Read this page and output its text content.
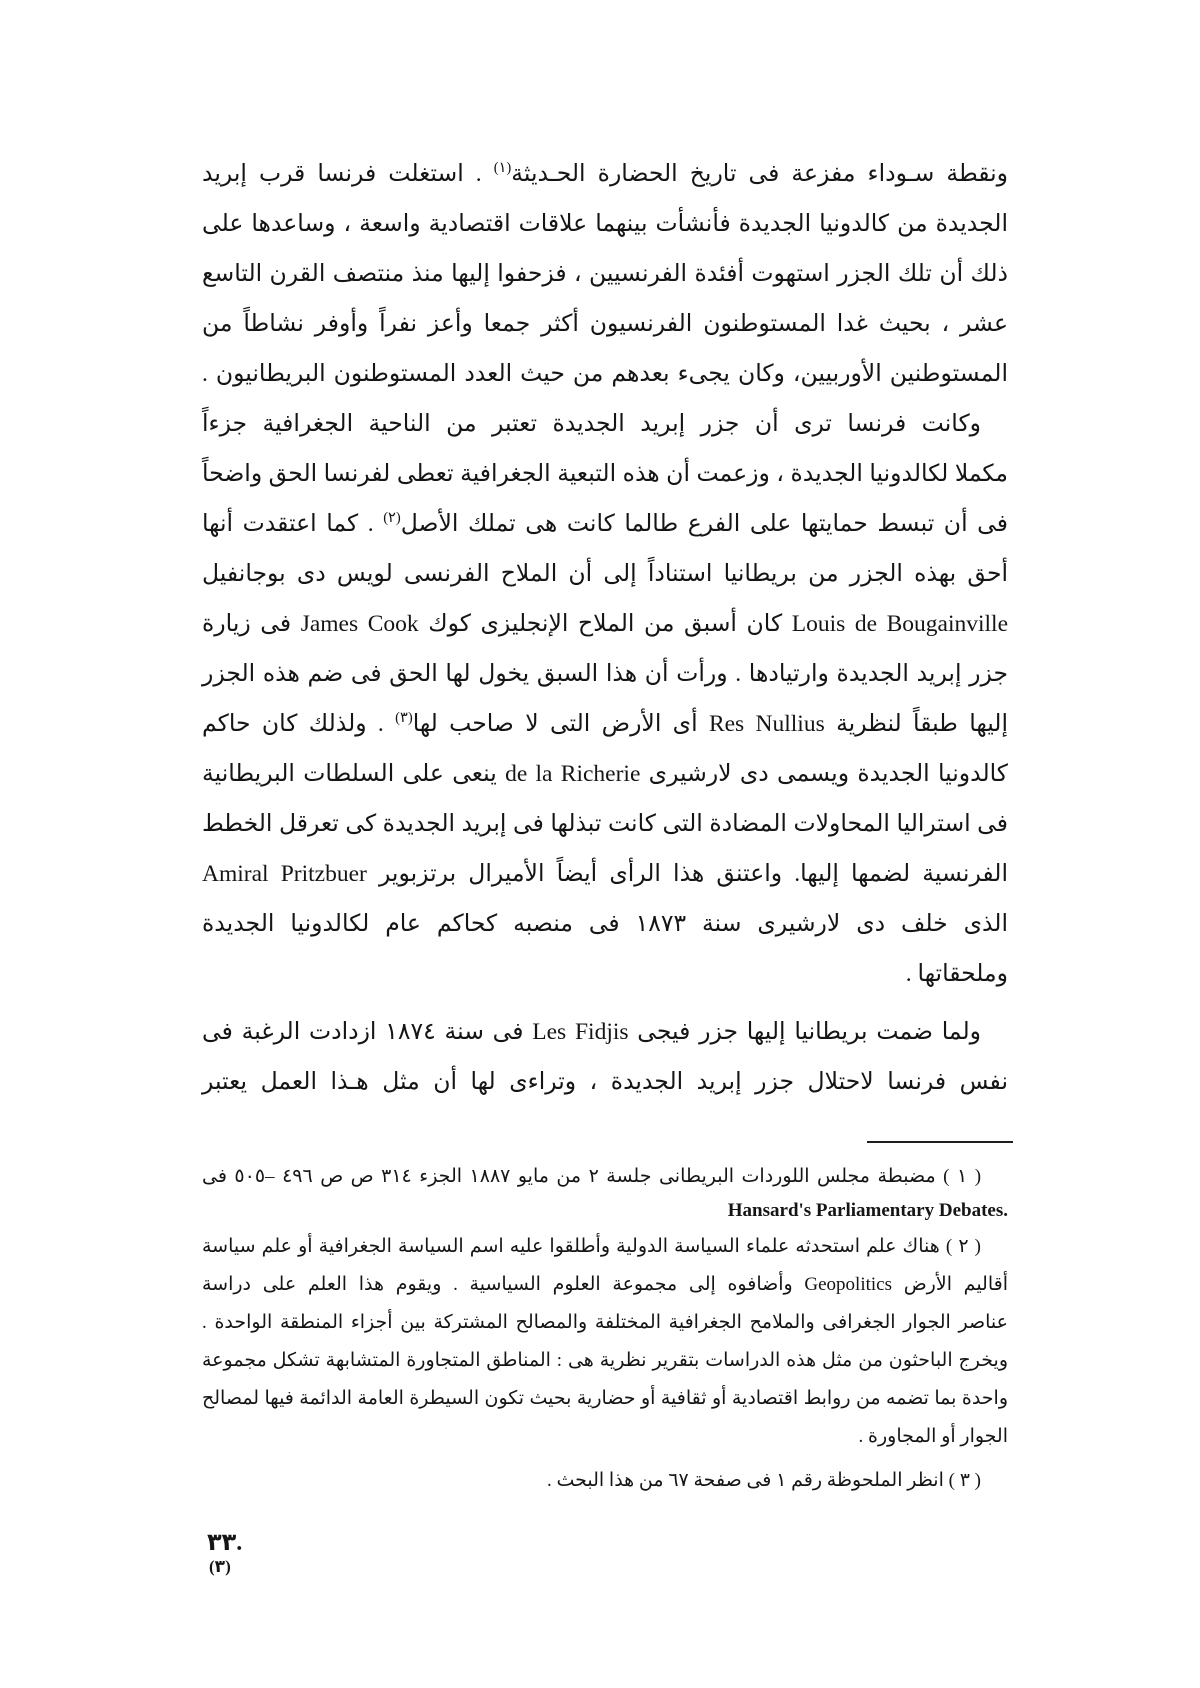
ونقطة سـوداء مفزعة فى تاريخ الحضارة الحـديثة$^{(١)}$ . استغلت فرنسا قرب إبريد
الجديدة من كالدونيا الجديدة فأنشأت بينهما علاقات اقتصادية واسعة ، وساعدها على
ذلك أن تلك الجزر استهوت أفئدة الفرنسيين ، فزحفوا إليها منذ منتصف القرن التاسع
عشر ، بحيث غدا المستوطنون الفرنسيون أكثر جمعا وأعز نفراً وأوفر نشاطاً من
المستوطنين الأوربيين، وكان يجىء بعدهم من حيث العدد المستوطنون البريطانيون .
وكانت فرنسا ترى أن جزر إبريد الجديدة تعتبر من الناحية الجغرافية جزءاً
مكملا لكالدونيا الجديدة ، وزعمت أن هذه التبعية الجغرافية تعطى لفرنسا الحق واضحاً
فى أن تبسط حمايتها على الفرع طالما كانت هى تملك الأصل$^{(٢)}$ . كما اعتقدت أنها
أحق بهذه الجزر من بريطانيا استناداً إلى أن الملاح الفرنسى لويس دى بوجانفيل
Louis de Bougainville كان أسبق من الملاح الإنجليزى كوك James Cook فى زيارة
جزر إبريد الجديدة وارتيادها . ورأت أن هذا السبق يخول لها الحق فى ضم هذه الجزر
إليها طبقاً لنظرية Res Nullius أى الأرض التى لا صاحب لها$^{(٣)}$ . ولذلك كان حاكم
كالدونيا الجديدة ويسمى دى لارشيرى de la Richerie ينعى على السلطات البريطانية
فى استراليا المحاولات المضادة التى كانت تبذلها فى إبريد الجديدة كى تعرقل الخطط
الفرنسية لضمها إليها. واعتنق هذا الرأى أيضاً الأميرال برتزبوير Amiral Pritzbuer
الذى خلف دى لارشيرى سنة ١٨٧٣ فى منصبه كحاكم عام لكالدونيا الجديدة
وملحقاتها .
ولما ضمت بريطانيا إليها جزر فيجى Les Fidjis فى سنة ١٨٧٤ ازدادت الرغبة فى
نفس فرنسا لاحتلال جزر إبريد الجديدة ، وتراءى لها أن مثل هـذا العمل يعتبر
( ١ ) مضبطة مجلس اللوردات البريطانى جلسة ٢ من مايو ١٨٨٧ الجزء ٣١٤ ص ص ٤٩٦ –٥٠٥ فى
Hansard's Parliamentary Debates.
( ٢ ) هناك علم استحدثه علماء السياسة الدولية وأطلقوا عليه اسم السياسة الجغرافية أو علم سياسة
أقاليم الأرض Geopolitics وأضافوه إلى مجموعة العلوم السياسية . ويقوم هذا العلم على دراسة
عناصر الجوار الجغرافى والملامح الجغرافية المختلفة والمصالح المشتركة بين أجزاء المنطقة الواحدة .
ويخرج الباحثون من مثل هذه الدراسات بتقرير نظرية هى : المناطق المتجاورة المتشابهة تشكل مجموعة
واحدة بما تضمه من روابط اقتصادية أو ثقافية أو حضارية بحيث تكون السيطرة العامة الدائمة فيها لمصالح
الجوار أو المجاورة .
( ٣ ) انظر الملحوظة رقم ١ فى صفحة ٦٧ من هذا البحث .
٣٣.
(٣)
